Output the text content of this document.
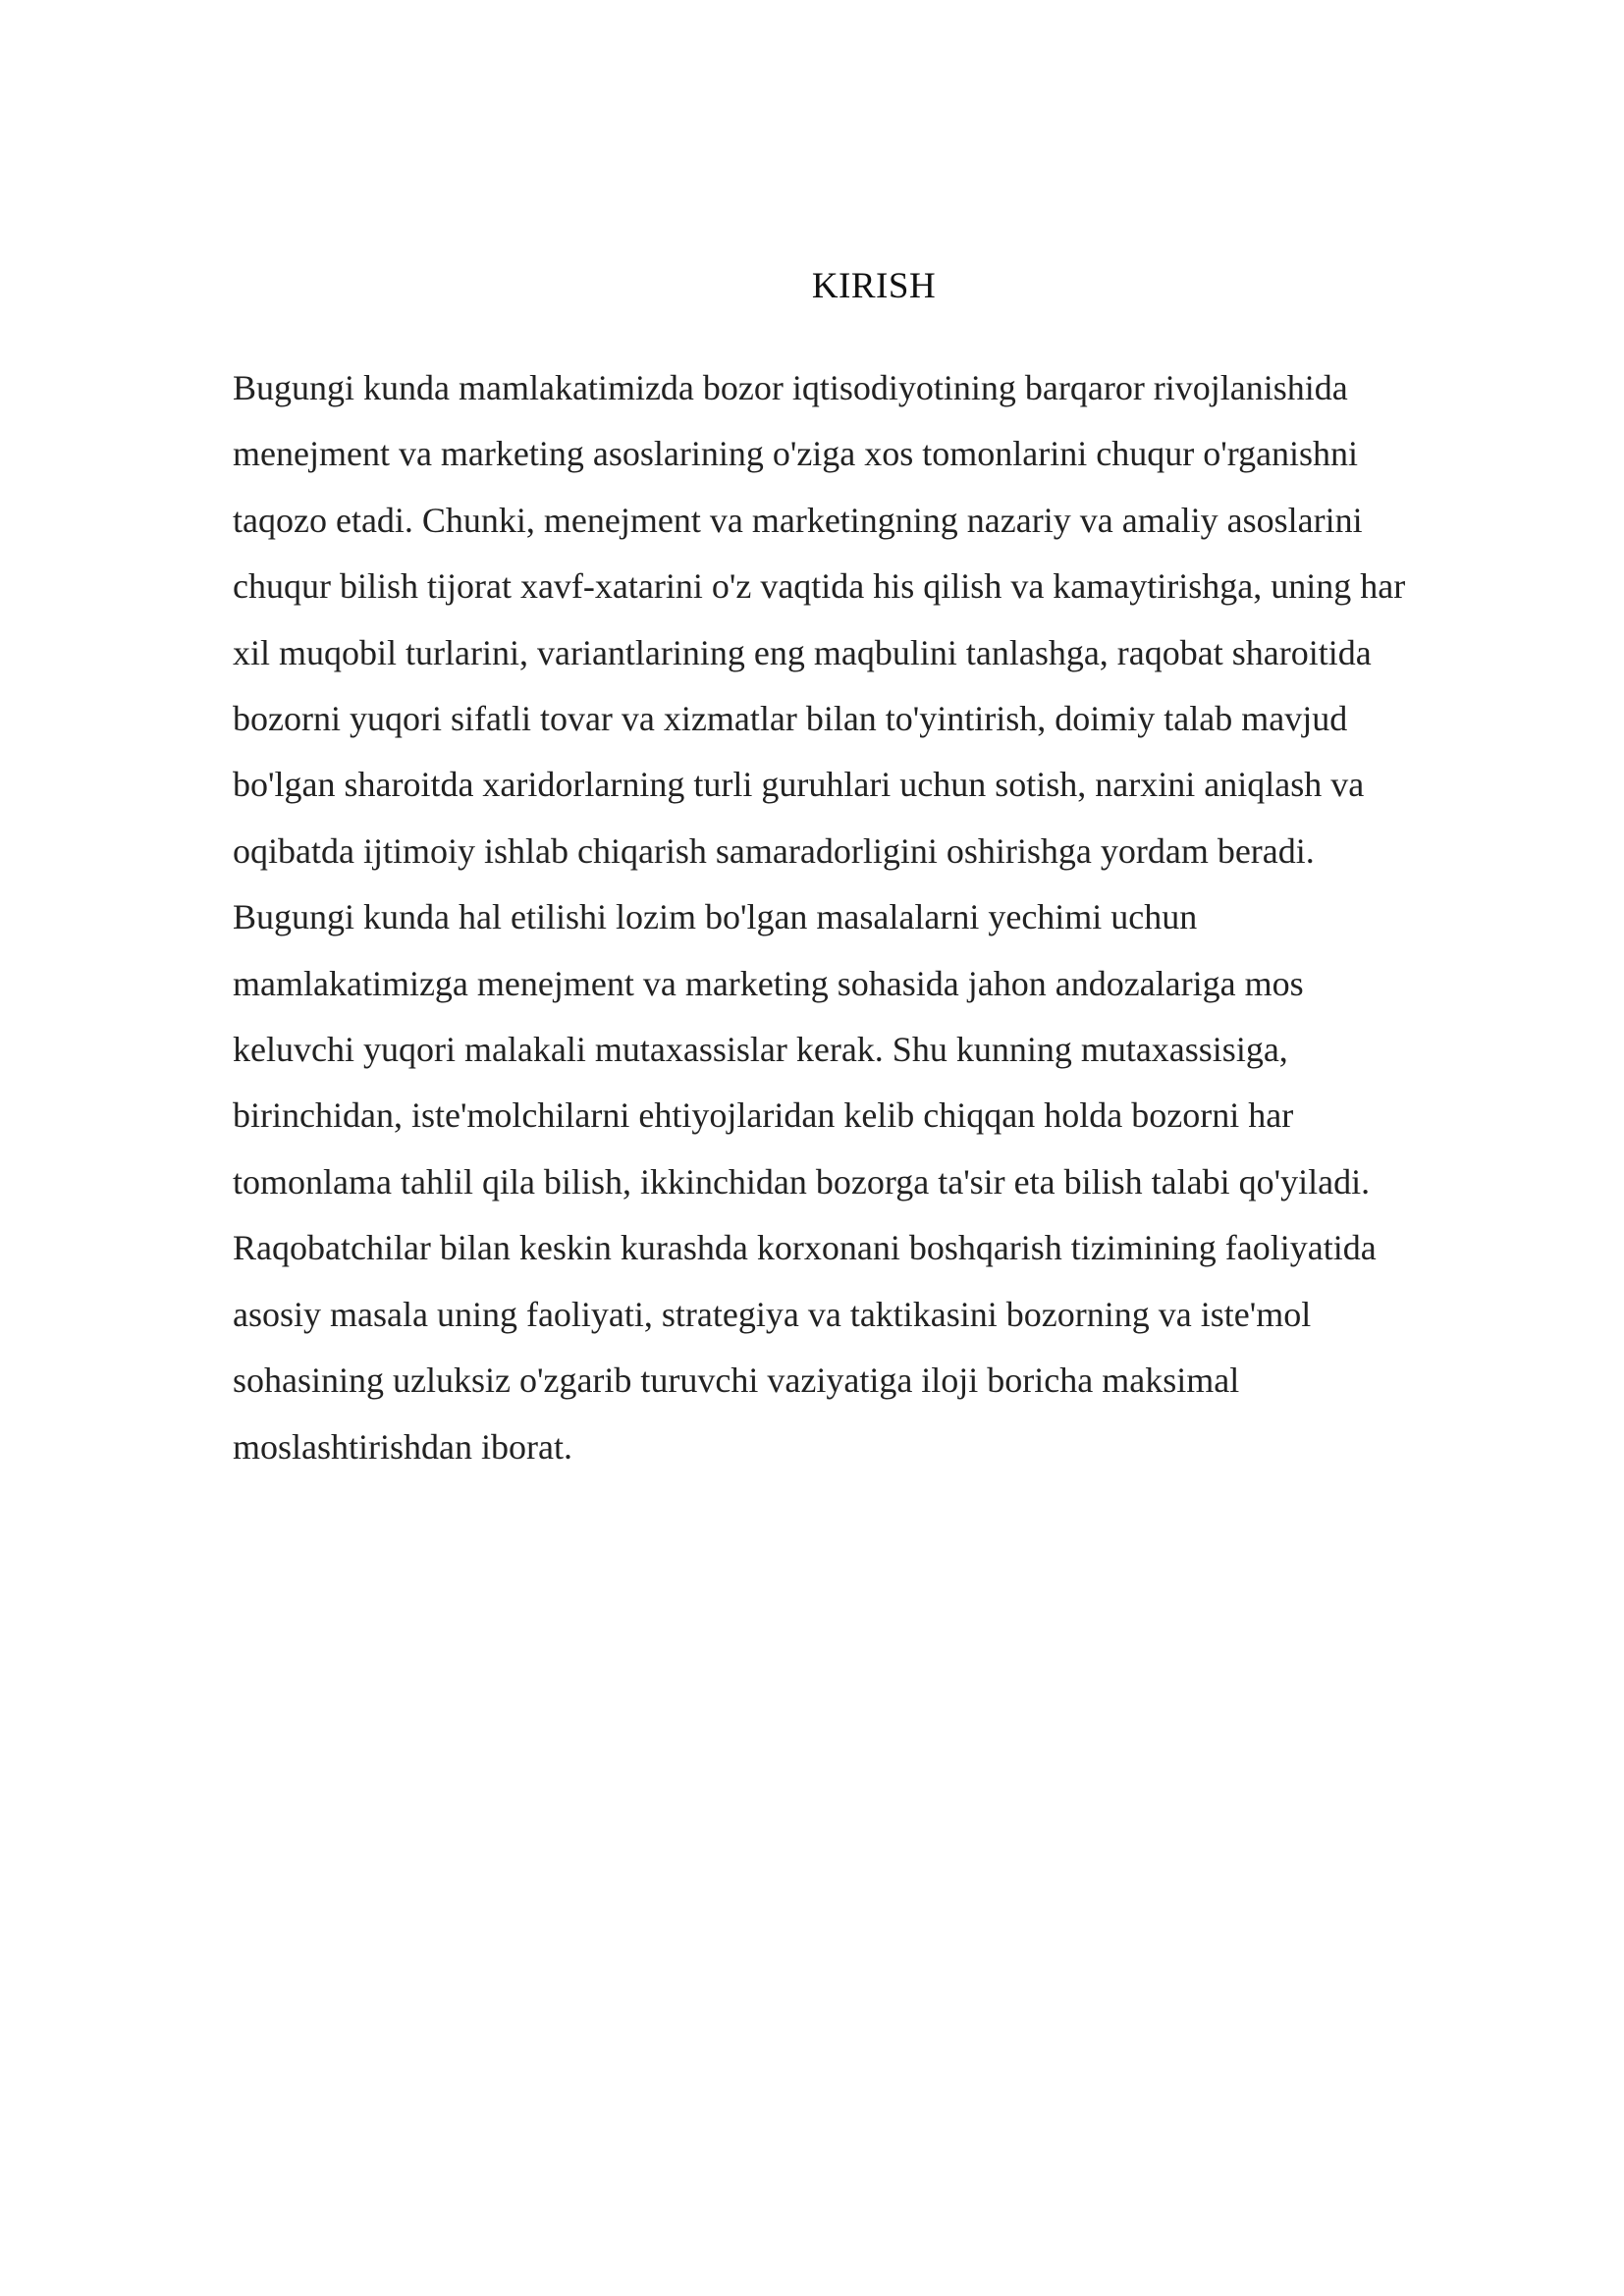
KIRISH
Bugungi kunda mamlakatimizda bozor iqtisodiyotining barqaror rivojlanishida
menejment va marketing asoslarining o'ziga xos tomonlarini chuqur o'rganishni
taqozo etadi. Chunki, menejment va marketingning nazariy va amaliy asoslarini
chuqur bilish tijorat xavf-xatarini o'z vaqtida his qilish va kamaytirishga, uning har
xil muqobil turlarini, variantlarining eng maqbulini tanlashga, raqobat sharoitida
bozorni yuqori sifatli tovar va xizmatlar bilan to'yintirish, doimiy talab mavjud
bo'lgan sharoitda xaridorlarning turli guruhlari uchun sotish, narxini aniqlash va
oqibatda ijtimoiy ishlab chiqarish samaradorligini oshirishga yordam beradi.
Bugungi kunda hal etilishi lozim bo'lgan masalalarni yechimi uchun
mamlakatimizga menejment va marketing sohasida jahon andozalariga mos
keluvchi yuqori malakali mutaxassislar kerak. Shu kunning mutaxassisiga,
birinchidan, iste'molchilarni ehtiyojlaridan kelib chiqqan holda bozorni har
tomonlama tahlil qila bilish, ikkinchidan bozorga ta'sir eta bilish talabi qo'yiladi.
Raqobatchilar bilan keskin kurashda korxonani boshqarish tizimining faoliyatida
asosiy masala uning faoliyati, strategiya va taktikasini bozorning va iste'mol
sohasining uzluksiz o'zgarib turuvchi vaziyatiga iloji boricha maksimal
moslashtirishdan iborat.
